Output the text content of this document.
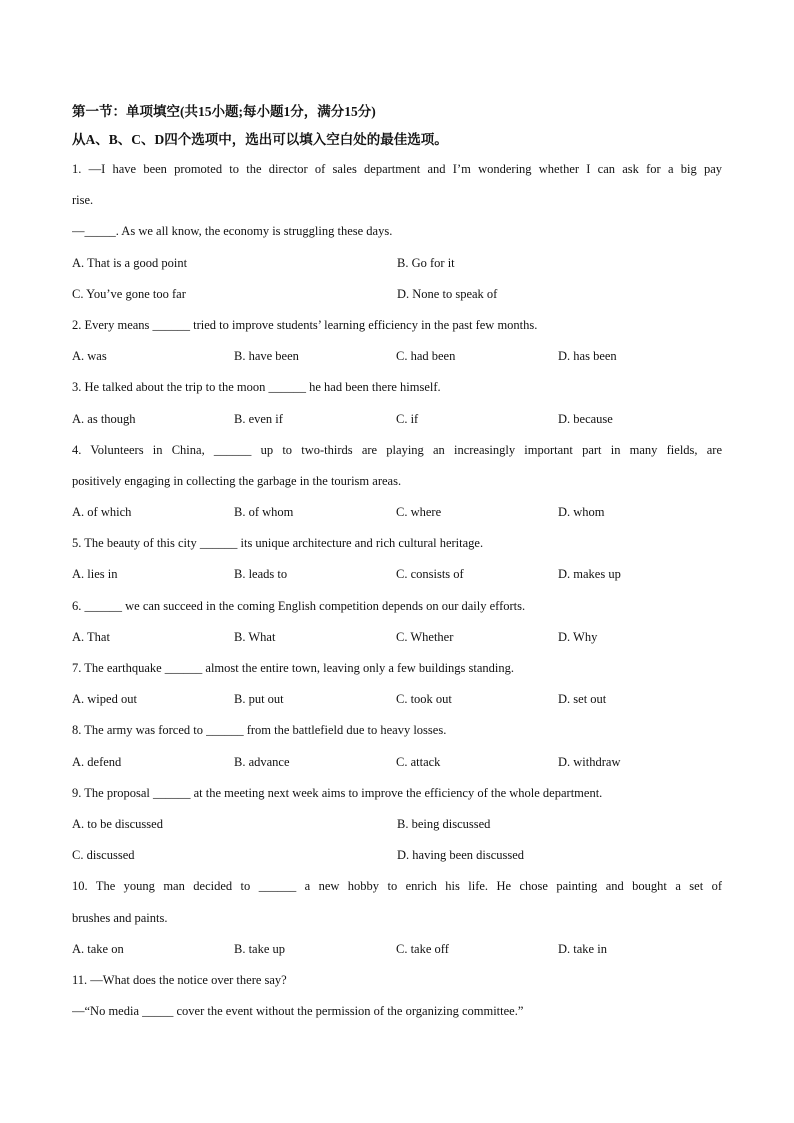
第一节：单项填空(共15小题;每小题1分，满分15分)
从A、B、C、D四个选项中，选出可以填入空白处的最佳选项。
1. —I have been promoted to the director of sales department and I’m wondering whether I can ask for a big pay
rise.
—_____. As we all know, the economy is struggling these days.
A. That is a good point	B. Go for it
C. You’ve gone too far	D. None to speak of
2. Every means ______ tried to improve students’ learning efficiency in the past few months.
A. was	B. have been	C. had been	D. has been
3. He talked about the trip to the moon ______ he had been there himself.
A. as though	B. even if	C. if	D. because
4. Volunteers in China, ______ up to two-thirds are playing an increasingly important part in many fields, are
positively engaging in collecting the garbage in the tourism areas.
A. of which	B. of whom	C. where	D. whom
5. The beauty of this city ______ its unique architecture and rich cultural heritage.
A. lies in	B. leads to	C. consists of	D. makes up
6. ______ we can succeed in the coming English competition depends on our daily efforts.
A. That	B. What	C. Whether	D. Why
7. The earthquake ______ almost the entire town, leaving only a few buildings standing.
A. wiped out	B. put out	C. took out	D. set out
8. The army was forced to ______ from the battlefield due to heavy losses.
A. defend	B. advance	C. attack	D. withdraw
9. The proposal ______ at the meeting next week aims to improve the efficiency of the whole department.
A. to be discussed	B. being discussed
C. discussed	D. having been discussed
10. The young man decided to ______ a new hobby to enrich his life. He chose painting and bought a set of
brushes and paints.
A. take on	B. take up	C. take off	D. take in
11. —What does the notice over there say?
—“No media _____ cover the event without the permission of the organizing committee.”
